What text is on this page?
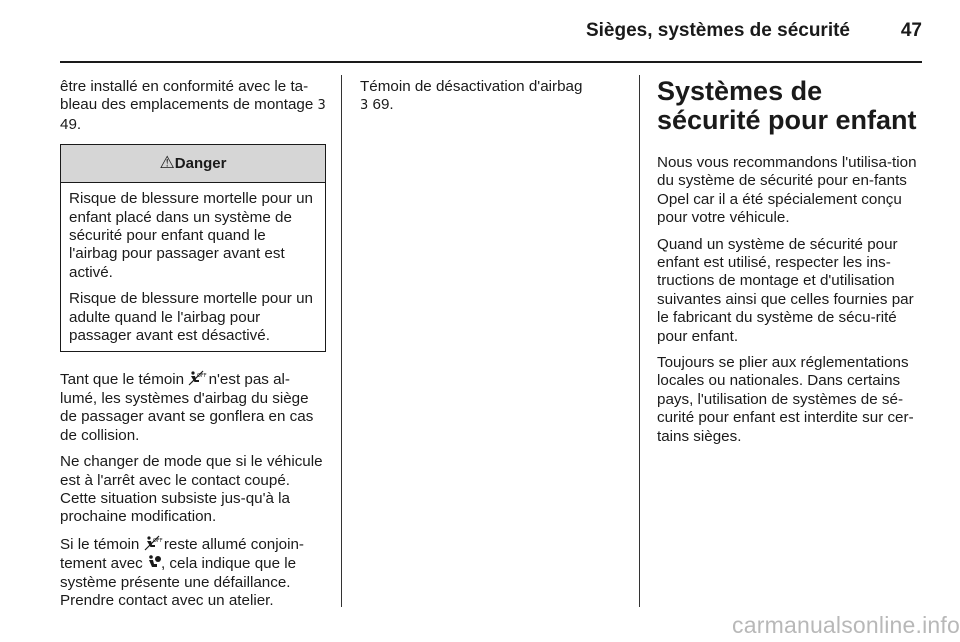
Sièges, systèmes de sécurité	47

être installé en conformité avec le ta-bleau des emplacements de montage 3 49.

⚠Danger

Risque de blessure mortelle pour un enfant placé dans un système de sécurité pour enfant quand le l'airbag pour passager avant est activé.

Risque de blessure mortelle pour un adulte quand le l'airbag pour passager avant est désactivé.

Tant que le témoin	OFF n'est pas al-lumé, les systèmes d'airbag du siège de passager avant se gonflera en cas de collision.

Ne changer de mode que si le véhicule est à l'arrêt avec le contact coupé. Cette situation subsiste jus-qu'à la prochaine modification.

Si le témoin	OFF reste allumé conjoin-tement avec , cela indique que le système présente une défaillance. Prendre contact avec un atelier.

Témoin de désactivation d'airbag
3 69.	Systèmes de sécurité pour enfant

Nous vous recommandons l'utilisa-tion du système de sécurité pour en-fants Opel car il a été spécialement conçu pour votre véhicule.

Quand un système de sécurité pour enfant est utilisé, respecter les ins-tructions de montage et d'utilisation suivantes ainsi que celles fournies par le fabricant du système de sécu-rité pour enfant.

Toujours se plier aux réglementations locales ou nationales. Dans certains pays, l'utilisation de systèmes de sé-curité pour enfant est interdite sur cer-tains sièges.

carmanualsonline.info
